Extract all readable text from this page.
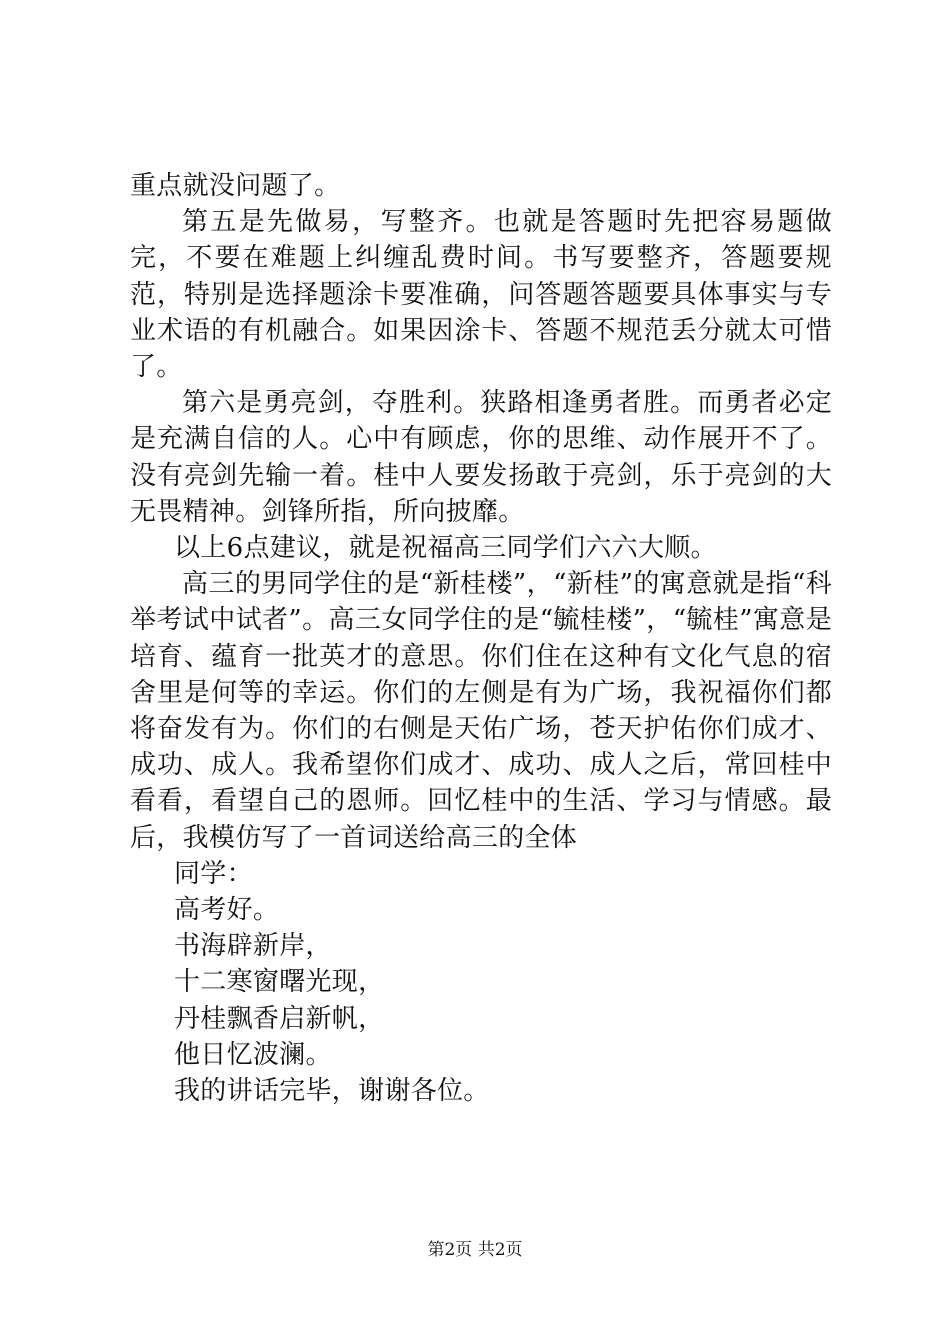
重点就没问题了。

第五是先做易，写整齐。也就是答题时先把容易题做完，不要在难题上纠缠乱费时间。书写要整齐，答题要规范，特别是选择题涂卡要准确，问答题答题要具体事实与专业术语的有机融合。如果因涂卡、答题不规范丢分就太可惜了。

第六是勇亮剑，夺胜利。狭路相逢勇者胜。而勇者必定是充满自信的人。心中有顾虑，你的思维、动作展开不了。没有亮剑先输一着。桂中人要发扬敢于亮剑，乐于亮剑的大无畏精神。剑锋所指，所向披靡。

以上6点建议，就是祝福高三同学们六六大顺。

高三的男同学住的是“新桂楼”，“新桂”的寓意就是指“科举考试中试者”。高三女同学住的是“毓桂楼”，“毓桂”寓意是培育、蕴育一批英才的意思。你们住在这种有文化气息的宿舍里是何等的幸运。你们的左侧是有为广场，我祝福你们都将奋发有为。你们的右侧是天佑广场，苍天护佑你们成才、成功、成人。我希望你们成才、成功、成人之后，常回桂中看看，看望自己的恩师。回忆桂中的生活、学习与情感。最后，我模仿写了一首词送给高三的全体

同学：

高考好。

书海辟新岸，

十二寒窗曙光现，

丹桂飘香启新帆，

他日忆波澜。

我的讲话完毕，谢谢各位。

第2页 共2页
